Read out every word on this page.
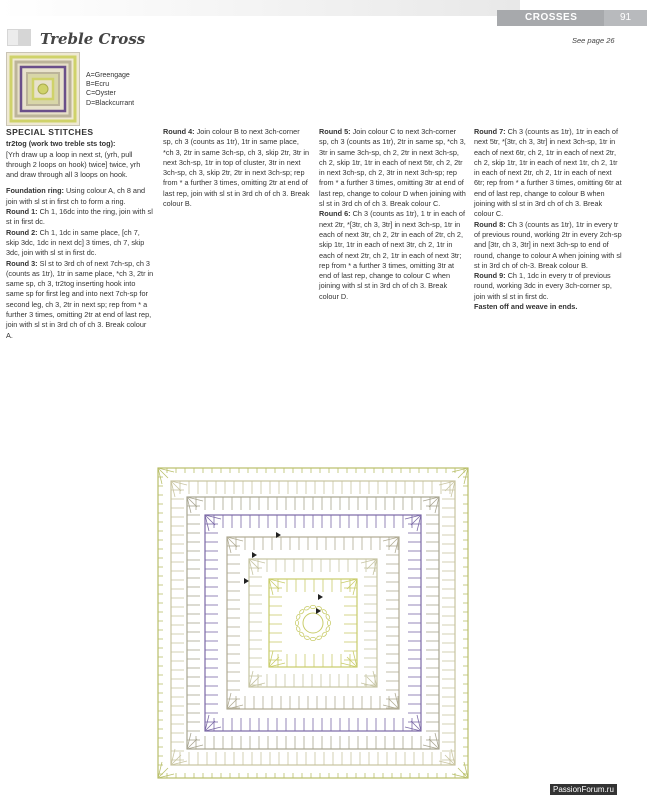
CROSSES	91
Treble Cross	See page 26
A=Greengage
B=Ecru
C=Oyster
D=Blackcurrant

SPECIAL STITCHES

tr2tog (work two treble sts tog):

[Yrh draw up a loop in next st, (yrh, pull through 2 loops on hook) twice] twice, yrh and draw through all 3 loops on hook.

Foundation ring: Using colour A, ch 8 and join with sl st in first ch to form a ring.

Round 1: Ch 1, 16dc into the ring, join with sl st in first dc.

Round 2: Ch 1, 1dc in same place, [ch 7, skip 3dc, 1dc in next dc] 3 times, ch 7, skip 3dc, join with sl st in first dc.

Round 3: Sl st to 3rd ch of next 7ch-sp, ch 3 (counts as 1tr), 1tr in same place, *ch 3, 2tr in same sp, ch 3, tr2tog inserting hook into same sp for first leg and into next 7ch-sp for second leg, ch 3, 2tr in next sp; rep from * a further 3 times, omitting 2tr at end of last rep, join with sl st in 3rd ch of ch 3. Break colour A.

Round 4: Join colour B to next 3ch-corner sp, ch 3 (counts as 1tr), 1tr in same place, *ch 3, 2tr in same 3ch-sp, ch 3, skip 2tr, 3tr in next 3ch-sp, 1tr in top of cluster, 3tr in next 3ch-sp, ch 3, skip 2tr, 2tr in next 3ch-sp; rep from * a further 3 times, omitting 2tr at end of last rep, join with sl st in 3rd ch of ch 3. Break colour B.

Round 5: Join colour C to next 3ch-corner sp, ch 3 (counts as 1tr), 2tr in same sp, *ch 3, 3tr in same 3ch-sp, ch 2, 2tr in next 3ch-sp, ch 2, skip 1tr, 1tr in each of next 5tr, ch 2, 2tr in next 3ch-sp, ch 2, 3tr in next 3ch-sp; rep from * a further 3 times, omitting 3tr at end of last rep, change to colour D when joining with sl st in 3rd ch of ch 3. Break colour C.

Round 6: Ch 3 (counts as 1tr), 1 tr in each of next 2tr, *[3tr, ch 3, 3tr] in next 3ch-sp, 1tr in each of next 3tr, ch 2, 2tr in each of 2tr, ch 2, skip 1tr, 1tr in each of next 3tr, ch 2, 1tr in each of next 2tr, ch 2, 1tr in each of next 3tr; rep from * a further 3 times, omitting 3tr at end of last rep, change to colour C when joining with sl st in 3rd ch of ch 3. Break colour D.

Round 7: Ch 3 (counts as 1tr), 1tr in each of next 5tr, *[3tr, ch 3, 3tr] in next 3ch-sp, 1tr in each of next 6tr, ch 2, 1tr in each of next 2tr, ch 2, skip 1tr, 1tr in each of next 1tr, ch 2, 1tr in each of next 2tr, ch 2, 1tr in each of next 6tr; rep from * a further 3 times, omitting 6tr at end of last rep, change to colour B when joining with sl st in 3rd ch of ch 3. Break colour C.

Round 8: Ch 3 (counts as 1tr), 1tr in every tr of previous round, working 2tr in every 2ch-sp and [3tr, ch 3, 3tr] in next 3ch-sp to end of round, change to colour A when joining with sl st in 3rd ch of ch-3. Break colour B.

Round 9: Ch 1, 1dc in every tr of previous round, working 3dc in every 3ch-corner sp, join with sl st in first dc.

Fasten off and weave in ends.

PassionForum.ru
